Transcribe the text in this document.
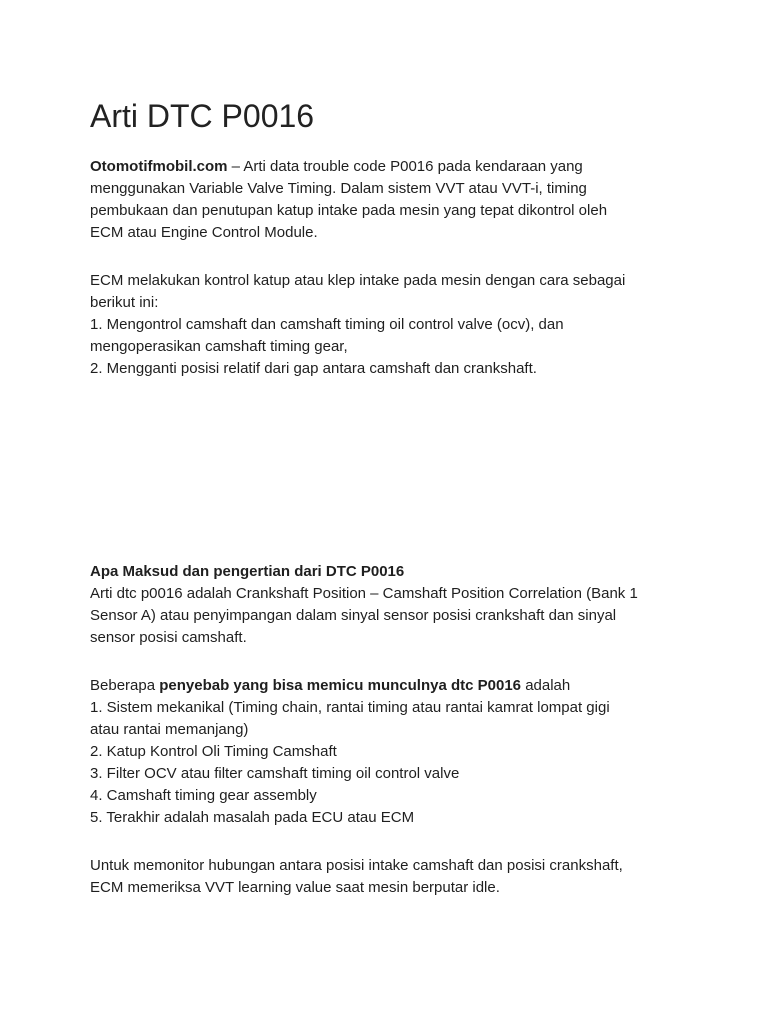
Arti DTC P0016
Otomotifmobil.com – Arti data trouble code P0016 pada kendaraan yang
menggunakan Variable Valve Timing. Dalam sistem VVT atau VVT-i, timing
pembukaan dan penutupan katup intake pada mesin yang tepat dikontrol oleh
ECM atau Engine Control Module.
ECM melakukan kontrol katup atau klep intake pada mesin dengan cara sebagai
berikut ini:
1. Mengontrol camshaft dan camshaft timing oil control valve (ocv), dan
mengoperasikan camshaft timing gear,
2. Mengganti posisi relatif dari gap antara camshaft dan crankshaft.
Apa Maksud dan pengertian dari DTC P0016
Arti dtc p0016 adalah Crankshaft Position – Camshaft Position Correlation (Bank 1
Sensor A) atau penyimpangan dalam sinyal sensor posisi crankshaft dan sinyal
sensor posisi camshaft.
Beberapa penyebab yang bisa memicu munculnya dtc P0016 adalah
1. Sistem mekanikal (Timing chain, rantai timing atau rantai kamrat lompat gigi
atau rantai memanjang)
2. Katup Kontrol Oli Timing Camshaft
3. Filter OCV atau filter camshaft timing oil control valve
4. Camshaft timing gear assembly
5. Terakhir adalah masalah pada ECU atau ECM
Untuk memonitor hubungan antara posisi intake camshaft dan posisi crankshaft,
ECM memeriksa VVT learning value saat mesin berputar idle.
